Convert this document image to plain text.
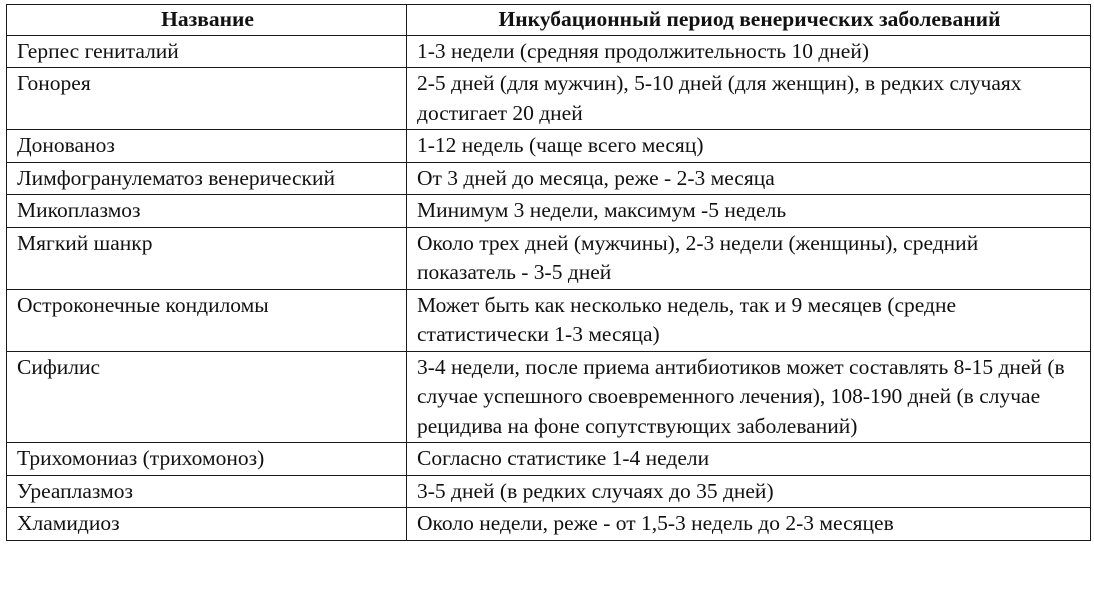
Название	Инкубационный период венерических заболеваний
Герпес гениталий	1-3 недели (средняя продолжительность 10 дней)
Гонорея	2-5 дней (для мужчин), 5-10 дней (для женщин), в редких случаях достигает 20 дней
Донованоз	1-12 недель (чаще всего месяц)
Лимфогранулематоз венерический	От 3 дней до месяца, реже - 2-3 месяца
Микоплазмоз	Минимум 3 недели, максимум -5 недель
Мягкий шанкр	Около трех дней (мужчины), 2-3 недели (женщины), средний показатель - 3-5 дней
Остроконечные кондиломы	Может быть как несколько недель, так и 9 месяцев (средне статистически 1-3 месяца)
Сифилис	3-4 недели, после приема антибиотиков может составлять 8-15 дней (в случае успешного своевременного лечения), 108-190 дней (в случае рецидива на фоне сопутствующих заболеваний)
Трихомониаз (трихомоноз)	Согласно статистике 1-4 недели
Уреаплазмоз	3-5 дней (в редких случаях до 35 дней)
Хламидиоз	Около недели, реже - от 1,5-3 недель до 2-3 месяцев
